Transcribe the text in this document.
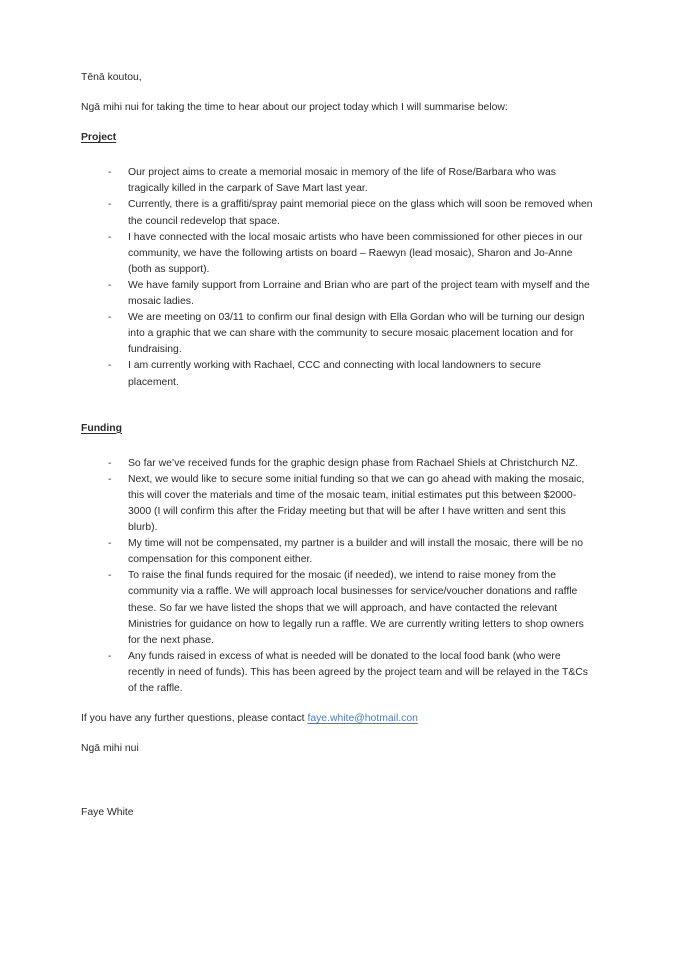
Tēnā koutou,

Ngā mihi nui for taking the time to hear about our project today which I will summarise below:

Project
- Our project aims to create a memorial mosaic in memory of the life of Rose/Barbara who was tragically killed in the carpark of Save Mart last year.
- Currently, there is a graffiti/spray paint memorial piece on the glass which will soon be removed when the council redevelop that space.
- I have connected with the local mosaic artists who have been commissioned for other pieces in our community, we have the following artists on board – Raewyn (lead mosaic), Sharon and Jo-Anne (both as support).
- We have family support from Lorraine and Brian who are part of the project team with myself and the mosaic ladies.
- We are meeting on 03/11 to confirm our final design with Ella Gordan who will be turning our design into a graphic that we can share with the community to secure mosaic placement location and for fundraising.
- I am currently working with Rachael, CCC and connecting with local landowners to secure placement.
Funding
- So far we’ve received funds for the graphic design phase from Rachael Shiels at Christchurch NZ.
- Next, we would like to secure some initial funding so that we can go ahead with making the mosaic, this will cover the materials and time of the mosaic team, initial estimates put this between $2000-3000 (I will confirm this after the Friday meeting but that will be after I have written and sent this blurb).
- My time will not be compensated, my partner is a builder and will install the mosaic, there will be no compensation for this component either.
- To raise the final funds required for the mosaic (if needed), we intend to raise money from the community via a raffle. We will approach local businesses for service/voucher donations and raffle these. So far we have listed the shops that we will approach, and have contacted the relevant Ministries for guidance on how to legally run a raffle. We are currently writing letters to shop owners for the next phase.
- Any funds raised in excess of what is needed will be donated to the local food bank (who were recently in need of funds). This has been agreed by the project team and will be relayed in the T&Cs of the raffle.

If you have any further questions, please contact faye.white@hotmail.con

Ngā mihi nui

Faye White
